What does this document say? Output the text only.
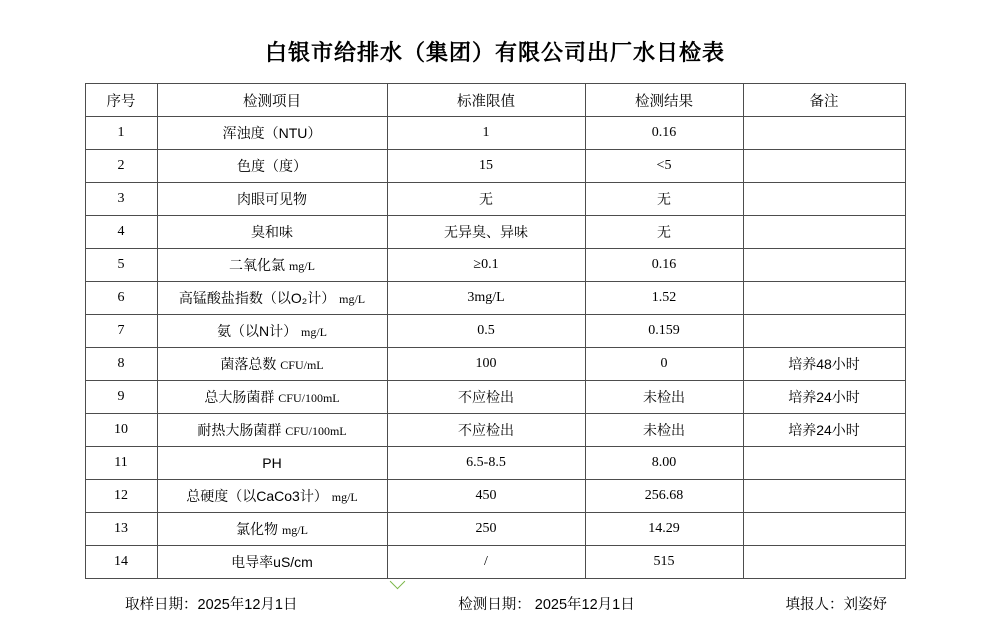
白银市给排水（集团）有限公司出厂水日检表
序号	检测项目	标准限值	检测结果	备注
1	浑浊度（NTU）	1	0.16	
2	色度（度）	15	<5	
3	肉眼可见物	无	无	
4	臭和味	无异臭、异味	无	
5	二氧化氯 mg/L	≥0.1	0.16	
6	高锰酸盐指数（以O₂计） mg/L	3mg/L	1.52	
7	氨（以N计） mg/L	0.5	0.159	
8	菌落总数 CFU/mL	100	0	培养48小时
9	总大肠菌群 CFU/100mL	不应检出	未检出	培养24小时
10	耐热大肠菌群 CFU/100mL	不应检出	未检出	培养24小时
11	PH	6.5-8.5	8.00	
12	总硬度（以CaCo3计） mg/L	450	256.68	
13	氯化物 mg/L	250	14.29	
14	电导率uS/cm	/	515	
取样日期：2025年12月1日	检测日期： 2025年12月1日	填报人：刘姿妤
